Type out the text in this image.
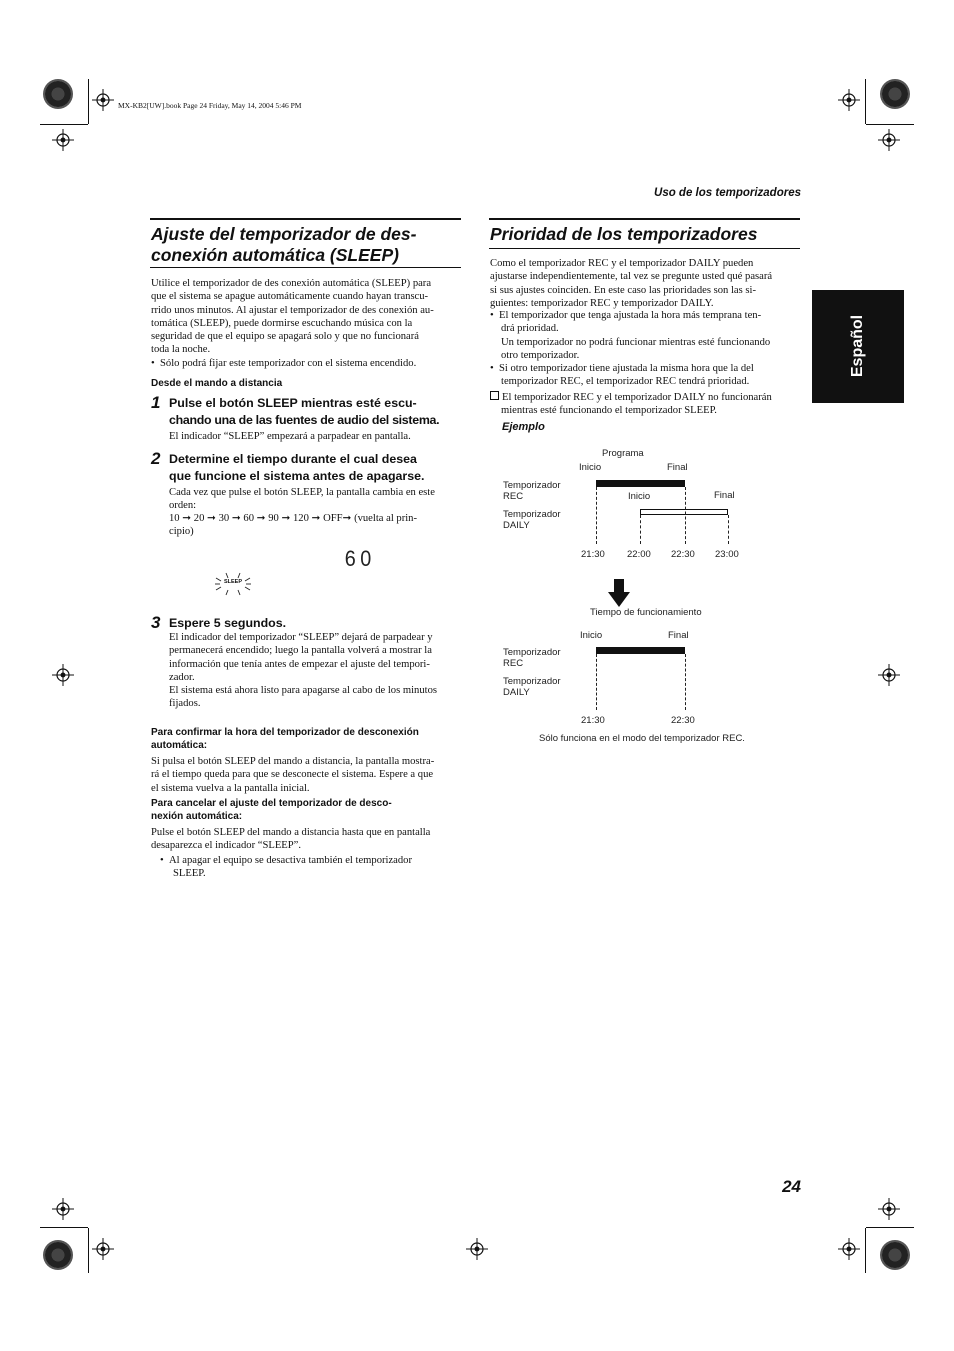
MX-KB2[UW].book Page 24 Friday, May 14, 2004 5:46 PM
Uso de los temporizadores
Español
Ajuste del temporizador de des-
conexión automática (SLEEP)
Utilice el temporizador de des conexión automática (SLEEP) para
que el sistema se apague automáticamente cuando hayan transcu-
rrido unos minutos. Al ajustar el temporizador de des conexión au-
tomática (SLEEP), puede dormirse escuchando música con la
seguridad de que el equipo se apagará solo y que no funcionará
toda la noche.
•  Sólo podrá fijar este temporizador con el sistema encendido.
Desde el mando a distancia
1 Pulse el botón SLEEP mientras esté escu-
chando una de las fuentes de audio del sistema.
El indicador “SLEEP” empezará a parpadear en pantalla.
2 Determine el tiempo durante el cual desea
que funcione el sistema antes de apagarse.
Cada vez que pulse el botón SLEEP, la pantalla cambia en este
orden:
10 ➞ 20 ➞ 30 ➞ 60 ➞ 90 ➞ 120 ➞ OFF➞ (vuelta al prin-
cipio)
60
SLEEP
3 Espere 5 segundos.
El indicador del temporizador “SLEEP” dejará de parpadear y
permanecerá encendido; luego la pantalla volverá a mostrar la
información que tenía antes de empezar el ajuste del tempori-
zador.
El sistema está ahora listo para apagarse al cabo de los minutos
fijados.
Para confirmar la hora del temporizador de desconexión
automática:
Si pulsa el botón SLEEP del mando a distancia, la pantalla mostra-
rá el tiempo queda para que se desconecte el sistema. Espere a que
el sistema vuelva a la pantalla inicial.
Para cancelar el ajuste del temporizador de desco-
nexión automática:
Pulse el botón SLEEP del mando a distancia hasta que en pantalla
desaparezca el indicador “SLEEP”.
•  Al apagar el equipo se desactiva también el temporizador
SLEEP.
Prioridad de los temporizadores
Como el temporizador REC y el temporizador DAILY pueden
ajustarse independientemente, tal vez se pregunte usted qué pasará
si sus ajustes coinciden. En este caso las prioridades son las si-
guientes: temporizador REC y temporizador DAILY.
•  El temporizador que tenga ajustada la hora más temprana ten-
drá prioridad.
Un temporizador no podrá funcionar mientras esté funcionando
otro temporizador.
•  Si otro temporizador tiene ajustada la misma hora que la del
temporizador REC, el temporizador REC tendrá prioridad.
El temporizador REC y el temporizador DAILY no funcionarán
mientras esté funcionando el temporizador SLEEP.
Ejemplo
Programa
Inicio	Final
Temporizador
REC	Inicio	Final
Temporizador
DAILY
21:30 22:00 22:30 23:00
Tiempo de funcionamiento
Inicio	Final
Temporizador
REC
Temporizador
DAILY
21:30	22:30
Sólo funciona en el modo del temporizador REC.
24
